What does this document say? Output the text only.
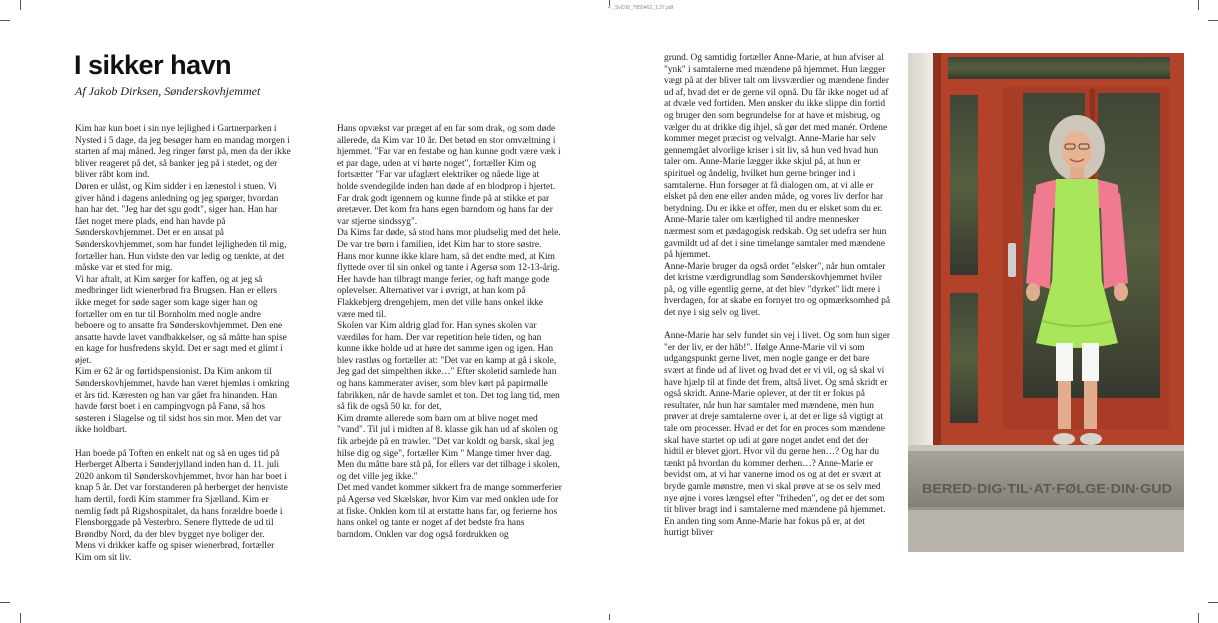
4 _SvC08_7955462_1.37.pdf
I sikker havn

Af Jakob Dirksen, Sønderskovhjemmet

Kim har kun boet i sin nye lejlighed i Gartnerparken i Nysted i 5 dage, da jeg besøger ham en mandag morgen i starten af maj måned. Jeg ringer først på, men da der ikke bliver reageret på det, så banker jeg på i stedet, og der bliver råbt kom ind.

Døren er ulåst, og Kim sidder i en lænestol i stuen. Vi giver hånd i dagens anledning og jeg spørger, hvordan han har det. "Jeg har det sgu godt", siger han. Han har fået noget mere plads, end han havde på Sønderskovhjemmet. Det er en ansat på Sønderskovhjemmet, som har fundet lejligheden til mig, fortæller han. Hun vidste den var ledig og tænkte, at det måske var et sted for mig.

Vi har aftalt, at Kim sørger for kaffen, og at jeg så medbringer lidt wienerbrød fra Brugsen. Han er ellers ikke meget for søde sager som kage siger han og fortæller om en tur til Bornholm med nogle andre beboere og to ansatte fra Sønderskovhjemmet. Den ene ansatte havde lavet vandbakkelser, og så måtte han spise en kage for husfredens skyld. Det er sagt med et glimt i øjet.

Kim er 62 år og førtidspensionist. Da Kim ankom til Sønderskovhjemmet, havde han været hjemløs i omkring et års tid. Kæresten og han var gået fra hinanden. Han havde først boet i en campingvogn på Fanø, så hos søsteren i Slagelse og til sidst hos sin mor. Men det var ikke holdbart.

Han boede på Toften en enkelt nat og så en uges tid på Herberget Alberta i Sønderjylland inden han d. 11. juli 2020 ankom til Sønderskovhjemmet, hvor han har boet i knap 5 år. Det var forstanderen på herberget der henviste ham dertil, fordi Kim stammer fra Sjælland. Kim er nemlig født på Rigshospitalet, da hans forældre boede i Flensborggade på Vesterbro. Senere flyttede de ud til Brøndby Nord, da der blev bygget nye boliger der.

Mens vi drikker kaffe og spiser wienerbrød, fortæller Kim om sit liv.

Hans opvækst var præget af en far som drak, og som døde allerede, da Kim var 10 år. Det betød en stor omvæltning i hjemmet. "Far var en festabe og han kunne godt være væk i et par dage, uden at vi hørte noget", fortæller Kim og fortsætter "Far var ufaglært elektriker og nåede lige at holde svendegilde inden han døde af en blodprop i hjertet. Far drak godt igennem og kunne finde på at stikke et par øretæver. Det kom fra hans egen barndom og hans far der var stjerne sindssyg".

Da Kims far døde, så stod hans mor pludselig med det hele. De var tre børn i familien, idet Kim har to store søstre. Hans mor kunne ikke klare ham, så det endte med, at Kim flyttede over til sin onkel og tante i Agersø som 12-13-årig. Her havde han tilbragt mange ferier, og haft mange gode oplevelser. Alternativet var i øvrigt, at han kom på Flakkebjerg drengehjem, men det ville hans onkel ikke være med til.

Skolen var Kim aldrig glad for. Han synes skolen var værdiløs for ham. Der var repetition hele tiden, og han kunne ikke holde ud at høre det samme igen og igen. Han blev rastløs og fortæller at: "Det var en kamp at gå i skole, Jeg gad det simpelthen ikke…" Efter skoletid samlede han og hans kammerater aviser, som blev kørt på papirmølle fabrikken, når de havde samlet et ton. Det tog lang tid, men så fik de også 50 kr. for det,

Kim drømte allerede som barn om at blive noget med "vand". Til jul i midten af 8. klasse gik han ud af skolen og fik arbejde på en trawler. "Det var koldt og barsk, skal jeg hilse dig og sige", fortæller Kim " Mange timer hver dag. Men du måtte bare stå på, for ellers var det tilbage i skolen, og det ville jeg ikke."

Det med vandet kommer sikkert fra de mange sommerferier på Agersø ved Skælskør, hvor Kim var med onklen ude for at fiske. Onklen kom til at erstatte hans far, og ferierne hos hans onkel og tante er noget af det bedste fra hans barndom. Onklen var dog også fordrukken og

grund. Og samtidig fortæller Anne-Marie, at hun afviser al "ynk" i samtalerne med mændene på hjemmet. Hun lægger vægt på at der bliver talt om livsværdier og mændene finder ud af, hvad det er de gerne vil opnå. Du får ikke noget ud af at dvæle ved fortiden. Men ønsker du ikke slippe din fortid og bruger den som begrundelse for at have et misbrug, og vælger du at drikke dig ihjel, så gør det med manér. Ordene kommer meget præcist og velvalgt. Anne-Marie har selv gennemgået alvorlige kriser i sit liv, så hun ved hvad hun taler om. Anne-Marie lægger ikke skjul på, at hun er spirituel og åndelig, hvilket hun gerne bringer ind i samtalerne. Hun forsøger at få dialogen om, at vi alle er elsket på den ene eller anden måde, og vores liv derfor har betydning. Du er ikke et offer, men du er elsket som du er. Anne-Marie taler om kærlighed til andre mennesker nærmest som et pædagogisk redskab. Og set udefra ser hun gavmildt ud af det i sine timelange samtaler med mændene på hjemmet.

Anne-Marie bruger da også ordet "elsker", når hun omtaler det kristne værdigrundlag som Sønderskovhjemmet hviler på, og ville egentlig gerne, at det blev "dyrket" lidt mere i hverdagen, for at skabe en fornyet tro og opmærksomhed på det nye i sig selv og livet.

Anne-Marie har selv fundet sin vej i livet. Og som hun siger "er der liv, er der håb!". Ifølge Anne-Marie vil vi som udgangspunkt gerne livet, men nogle gange er det bare svært at finde ud af livet og hvad det er vi vil, og så skal vi have hjælp til at finde det frem, altså livet. Og små skridt er også skridt. Anne-Marie oplever, at der tit er fokus på resultater, når hun har samtaler med mændene, men hun prøver at dreje samtalerne over i, at det er lige så vigtigt at tale om processer. Hvad er det for en proces som mændene skal have startet op udi at gøre noget andet end det der hidtil er blevet gjort. Hvor vil du gerne hen…? Og har du tænkt på hvordan du kommer derhen…? Anne-Marie er bevidst om, at vi har vanerne imod os og at det er svært at bryde gamle mønstre, men vi skal prøve at se os selv med nye øjne i vores længsel efter "friheden", og det er det som tit bliver bragt ind i samtalerne med mændene på hjemmet. En anden ting som Anne-Marie har fokus på er, at det hurtigt bliver

BERED·DIG·TIL·AT·FØLGE·DIN·GUD
